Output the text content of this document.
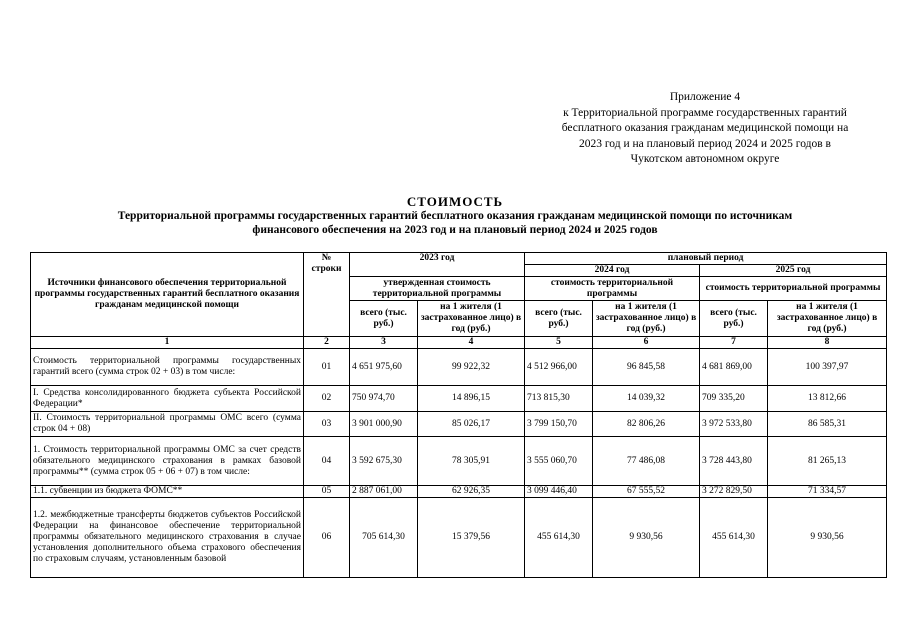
Приложение 4
к Территориальной программе государственных гарантий
бесплатного оказания гражданам медицинской помощи на
2023 год и на плановый период 2024 и 2025 годов в
Чукотском автономном округе
СТОИМОСТЬ
Территориальной программы государственных гарантий бесплатного оказания гражданам медицинской помощи по источникам
финансового обеспечения на 2023 год и на плановый период 2024 и 2025 годов
Источники финансового обеспечения территориальной программы государственных гарантий бесплатного оказания гражданам медицинской помощи	№ строки	2023 год		плановый период			
				2024 год		2025 год	
		утвержденная стоимость территориальной программы		стоимость территориальной программы		стоимость территориальной программы	
		всего (тыс. руб.)	на 1 жителя (1 застрахованное лицо) в год (руб.)	всего (тыс. руб.)	на 1 жителя (1 застрахованное лицо) в год (руб.)	всего (тыс. руб.)	на 1 жителя (1 застрахованное лицо) в год (руб.)
1	2	3	4	5	6	7	8
Стоимость территориальной программы государственных гарантий всего (сумма строк 02 + 03) в том числе:	01	4 651 975,60	99 922,32	4 512 966,00	96 845,58	4 681 869,00	100 397,97
I. Средства консолидированного бюджета субъекта Российской Федерации*	02	750 974,70	14 896,15	713 815,30	14 039,32	709 335,20	13 812,66
II. Стоимость территориальной программы ОМС всего (сумма строк 04 + 08)	03	3 901 000,90	85 026,17	3 799 150,70	82 806,26	3 972 533,80	86 585,31
1. Стоимость территориальной программы ОМС за счет средств обязательного медицинского страхования в рамках базовой программы** (сумма строк 05 + 06 + 07) в том числе:	04	3 592 675,30	78 305,91	3 555 060,70	77 486,08	3 728 443,80	81 265,13
1.1. субвенции из бюджета ФОМС**	05	2 887 061,00	62 926,35	3 099 446,40	67 555,52	3 272 829,50	71 334,57
1.2. межбюджетные трансферты бюджетов субъектов Российской Федерации на финансовое обеспечение территориальной программы обязательного медицинского страхования в случае установления дополнительного объема страхового обеспечения по страховым случаям, установленным базовой	06	705 614,30	15 379,56	455 614,30	9 930,56	455 614,30	9 930,56
